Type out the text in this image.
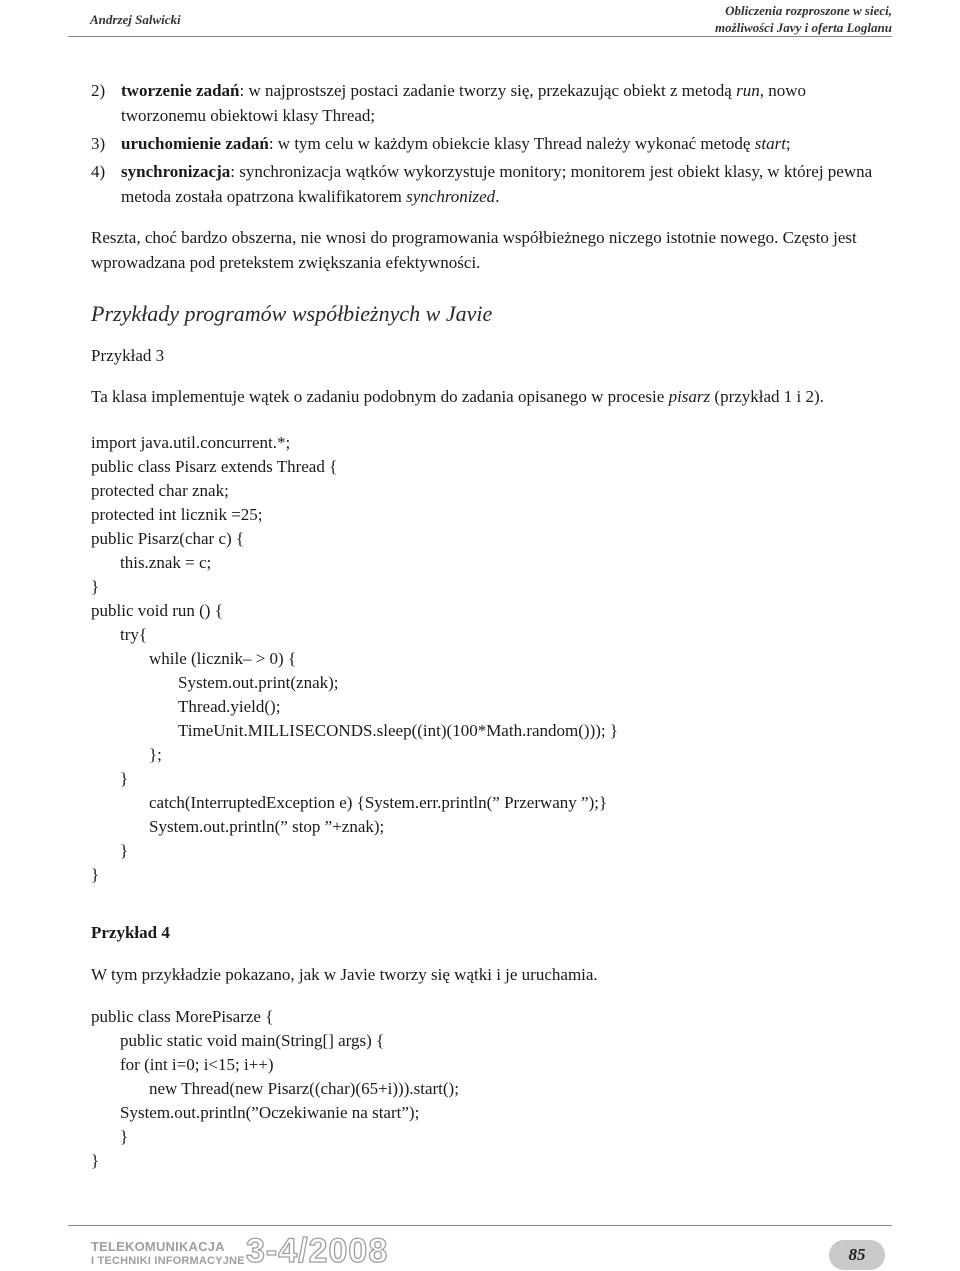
Andrzej Salwicki
Obliczenia rozproszone w sieci,
możliwości Javy i oferta Loglanu
2) tworzenie zadań: w najprostszej postaci zadanie tworzy się, przekazując obiekt z metodą run, nowo tworzonemu obiektowi klasy Thread;
3) uruchomienie zadań: w tym celu w każdym obiekcie klasy Thread należy wykonać metodę start;
4) synchronizacja: synchronizacja wątków wykorzystuje monitory; monitorem jest obiekt klasy, w której pewna metoda została opatrzona kwalifikatorem synchronized.

Reszta, choć bardzo obszerna, nie wnosi do programowania współbieżnego niczego istotnie nowego. Często jest wprowadzana pod pretekstem zwiększania efektywności.

Przykłady programów współbieżnych w Javie
Przykład 3

Ta klasa implementuje wątek o zadaniu podobnym do zadania opisanego w procesie pisarz (przykład 1 i 2).

import java.util.concurrent.*;
public class Pisarz extends Thread {
protected char znak;
protected int licznik =25;
public Pisarz(char c) {
this.znak = c;
}
public void run () {
try{
while (licznik– > 0) {
System.out.print(znak);
Thread.yield();
TimeUnit.MILLISECONDS.sleep((int)(100*Math.random())); }
};
}
catch(InterruptedException e) {System.err.println(” Przerwany ”);}
System.out.println(” stop ”+znak);
}
}
Przykład 4

W tym przykładzie pokazano, jak w Javie tworzy się wątki i je uruchamia.

public class MorePisarze {
public static void main(String[] args) {
for (int i=0; i<15; i++)
new Thread(new Pisarz((char)(65+i))).start();
System.out.println(”Oczekiwanie na start”);
}
}
TELEKOMUNIKACJA
I TECHNIKI INFORMACYJNE 3-4/2008	85
